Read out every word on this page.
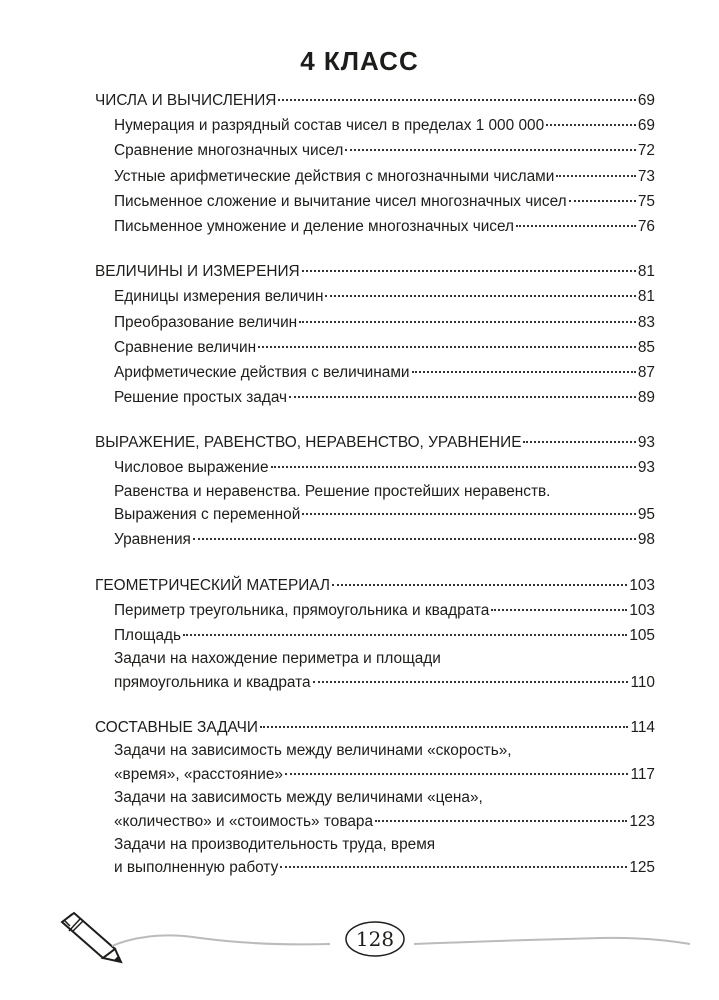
4 КЛАСС
ЧИСЛА И ВЫЧИСЛЕНИЯ	69
Нумерация и разрядный состав чисел в пределах 1 000 000	69
Сравнение многозначных чисел	72
Устные арифметические действия с многозначными числами	73
Письменное сложение и вычитание чисел многозначных чисел	75
Письменное умножение и деление многозначных чисел	76
ВЕЛИЧИНЫ И ИЗМЕРЕНИЯ	81
Единицы измерения величин	81
Преобразование величин	83
Сравнение величин	85
Арифметические действия с величинами	87
Решение простых задач	89
ВЫРАЖЕНИЕ, РАВЕНСТВО, НЕРАВЕНСТВО, УРАВНЕНИЕ	93
Числовое выражение	93
Равенства и неравенства. Решение простейших неравенств.
Выражения с переменной	95
Уравнения	98
ГЕОМЕТРИЧЕСКИЙ МАТЕРИАЛ	103
Периметр треугольника, прямоугольника и квадрата	103
Площадь	105
Задачи на нахождение периметра и площади
прямоугольника и квадрата	110
СОСТАВНЫЕ ЗАДАЧИ	114
Задачи на зависимость между величинами «скорость»,
«время», «расстояние»	117
Задачи на зависимость между величинами «цена»,
«количество» и «стоимость» товара	123
Задачи на производительность труда, время
и выполненную работу	125
128
